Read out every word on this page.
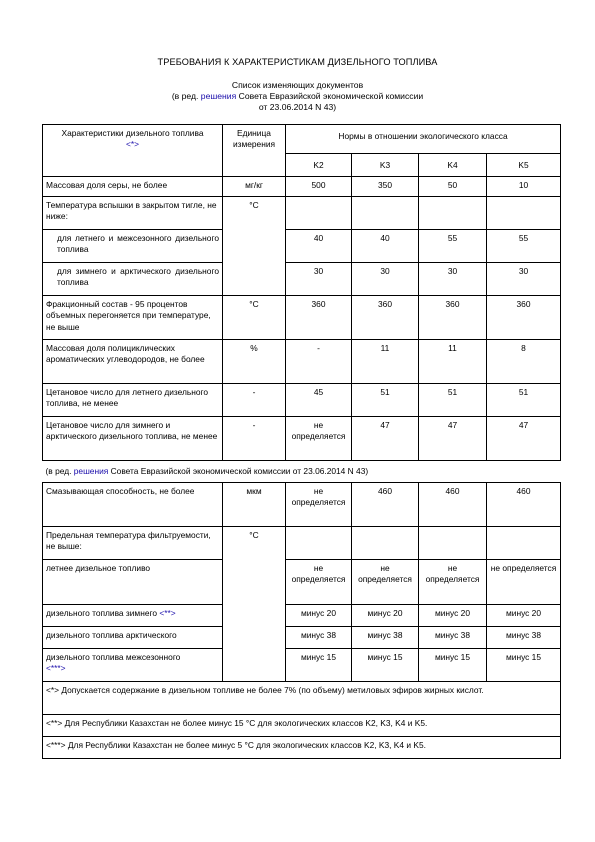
ТРЕБОВАНИЯ К ХАРАКТЕРИСТИКАМ ДИЗЕЛЬНОГО ТОПЛИВА
Список изменяющих документов
(в ред. решения Совета Евразийской экономической комиссии
от 23.06.2014 N 43)
Характеристики дизельного топлива
<*>	Единица измерения	Нормы в отношении экологического класса			
		K2	K3	K4	K5
Массовая доля серы, не более	мг/кг	500	350	50	10
Температура вспышки в закрытом тигле, не ниже:	°C				
для летнего и межсезонного дизельного топлива		40	40	55	55
для зимнего и арктического дизельного топлива		30	30	30	30
Фракционный состав - 95 процентов объемных перегоняется при температуре, не выше	°C	360	360	360	360
Массовая доля полициклических ароматических углеводородов, не более	%	-	11	11	8
Цетановое число для летнего дизельного топлива, не менее	-	45	51	51	51
Цетановое число для зимнего и арктического дизельного топлива, не менее	-	не определяется	47	47	47
(в ред. решения Совета Евразийской экономической комиссии от 23.06.2014 N 43)					
Смазывающая способность, не более	мкм	не определяется	460	460	460
Предельная температура фильтруемости, не выше:	°C				
летнее дизельное топливо		не определяется	не определяется	не определяется	не определяется
дизельного топлива зимнего <**>		минус 20	минус 20	минус 20	минус 20
дизельного топлива арктического		минус 38	минус 38	минус 38	минус 38
дизельного топлива межсезонного
<***>		минус 15	минус 15	минус 15	минус 15
<*> Допускается содержание в дизельном топливе не более 7% (по объему) метиловых эфиров жирных кислот.					
<**> Для Республики Казахстан не более минус 15 °C для экологических классов K2, K3, K4 и K5.					
<***> Для Республики Казахстан не более минус 5 °C для экологических классов K2, K3, K4 и K5.					
